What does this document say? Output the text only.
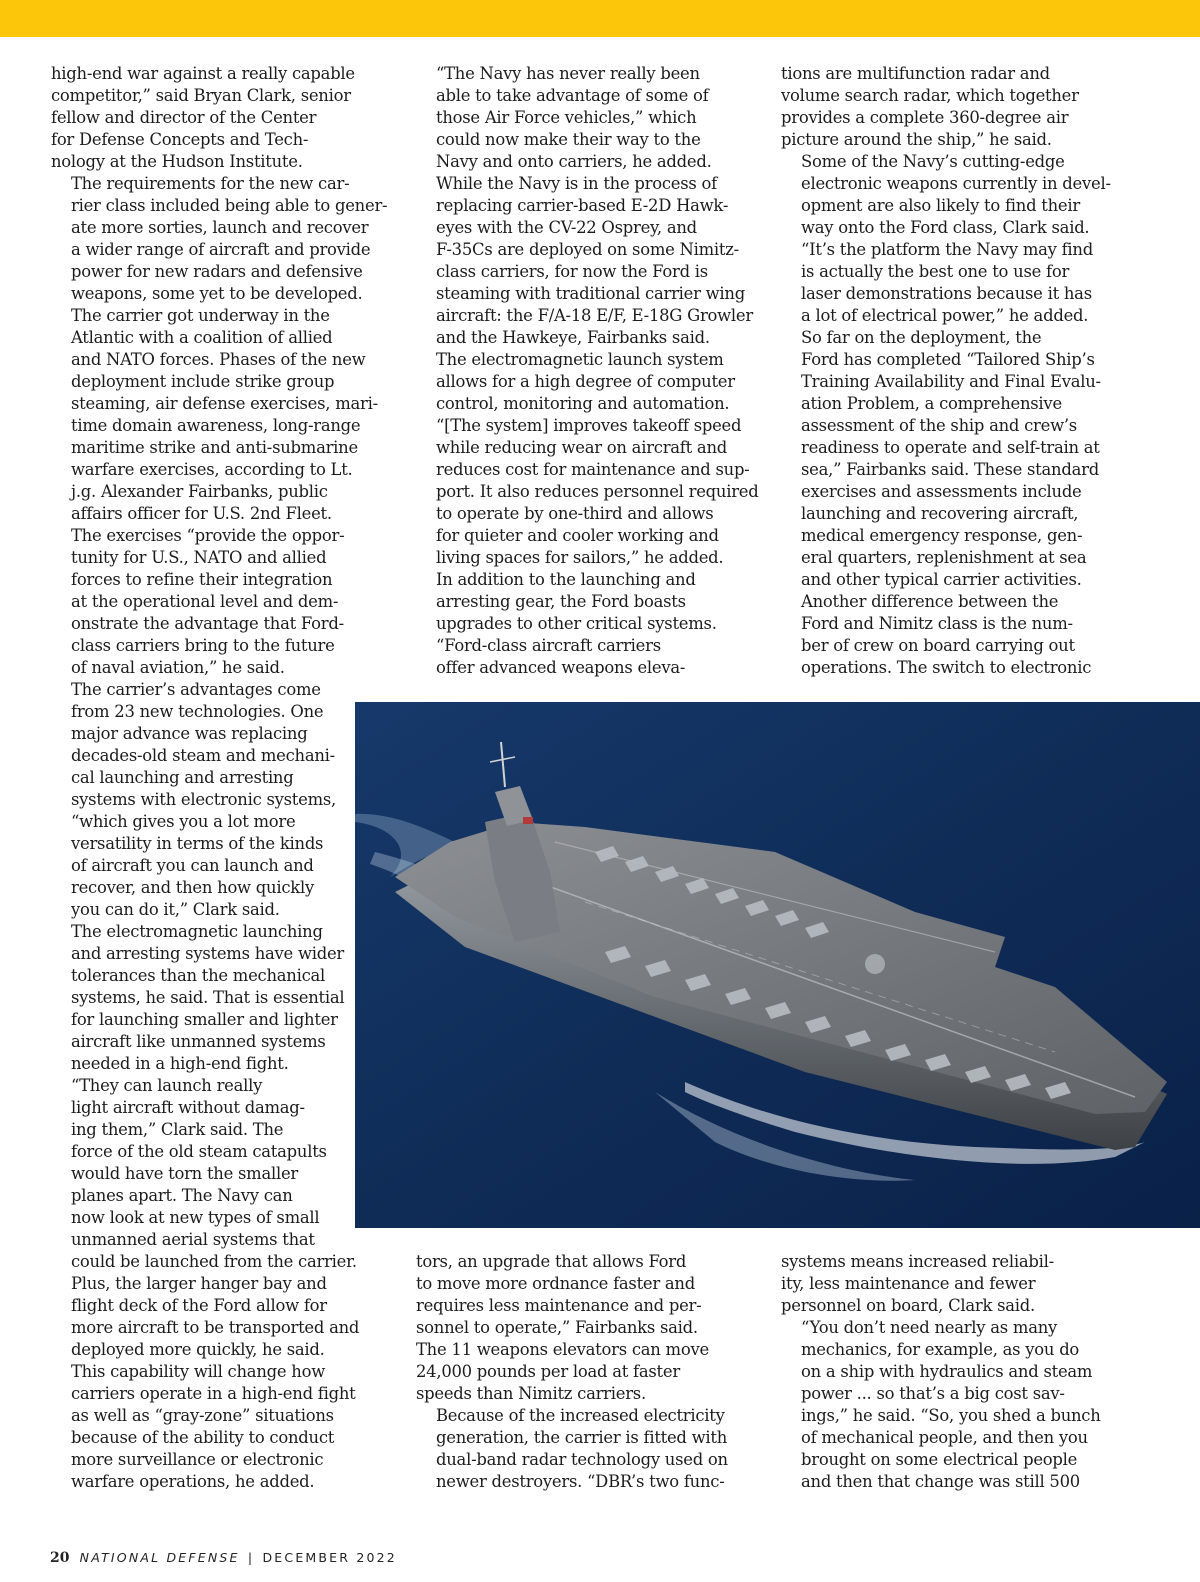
high-end war against a really capable
competitor,” said Bryan Clark, senior
fellow and director of the Center
for Defense Concepts and Tech-
nology at the Hudson Institute.

The requirements for the new car-
rier class included being able to gener-
ate more sorties, launch and recover
a wider range of aircraft and provide
power for new radars and defensive
weapons, some yet to be developed.

The carrier got underway in the
Atlantic with a coalition of allied
and NATO forces. Phases of the new
deployment include strike group
steaming, air defense exercises, mari-
time domain awareness, long-range
maritime strike and anti-submarine
warfare exercises, according to Lt.
j.g. Alexander Fairbanks, public
affairs officer for U.S. 2nd Fleet.

The exercises “provide the oppor-
tunity for U.S., NATO and allied
forces to refine their integration
at the operational level and dem-
onstrate the advantage that Ford-
class carriers bring to the future
of naval aviation,” he said.

The carrier’s advantages come
from 23 new technologies. One
major advance was replacing
decades-old steam and mechani-
cal launching and arresting
systems with electronic systems,
“which gives you a lot more
versatility in terms of the kinds
of aircraft you can launch and
recover, and then how quickly
you can do it,” Clark said.

The electromagnetic launching
and arresting systems have wider
tolerances than the mechanical
systems, he said. That is essential
for launching smaller and lighter
aircraft like unmanned systems
needed in a high-end fight.

“They can launch really
light aircraft without damag-
ing them,” Clark said. The
force of the old steam catapults
would have torn the smaller
planes apart. The Navy can
now look at new types of small
unmanned aerial systems that
could be launched from the carrier.

Plus, the larger hanger bay and
flight deck of the Ford allow for
more aircraft to be transported and
deployed more quickly, he said.

This capability will change how
carriers operate in a high-end fight
as well as “gray-zone” situations
because of the ability to conduct
more surveillance or electronic
warfare operations, he added.

“The Navy has never really been
able to take advantage of some of
those Air Force vehicles,” which
could now make their way to the
Navy and onto carriers, he added.

While the Navy is in the process of
replacing carrier-based E-2D Hawk-
eyes with the CV-22 Osprey, and
F-35Cs are deployed on some Nimitz-
class carriers, for now the Ford is
steaming with traditional carrier wing
aircraft: the F/A-18 E/F, E-18G Growler
and the Hawkeye, Fairbanks said.

The electromagnetic launch system
allows for a high degree of computer
control, monitoring and automation.
“[The system] improves takeoff speed
while reducing wear on aircraft and
reduces cost for maintenance and sup-
port. It also reduces personnel required
to operate by one-third and allows
for quieter and cooler working and
living spaces for sailors,” he added.

In addition to the launching and
arresting gear, the Ford boasts
upgrades to other critical systems.

“Ford-class aircraft carriers
offer advanced weapons eleva-

tions are multifunction radar and
volume search radar, which together
provides a complete 360-degree air
picture around the ship,” he said.

Some of the Navy’s cutting-edge
electronic weapons currently in devel-
opment are also likely to find their
way onto the Ford class, Clark said.
“It’s the platform the Navy may find
is actually the best one to use for
laser demonstrations because it has
a lot of electrical power,” he added.

So far on the deployment, the
Ford has completed “Tailored Ship’s
Training Availability and Final Evalu-
ation Problem, a comprehensive
assessment of the ship and crew’s
readiness to operate and self-train at
sea,” Fairbanks said. These standard
exercises and assessments include
launching and recovering aircraft,
medical emergency response, gen-
eral quarters, replenishment at sea
and other typical carrier activities.

Another difference between the
Ford and Nimitz class is the num-
ber of crew on board carrying out
operations. The switch to electronic

tors, an upgrade that allows Ford
to move more ordnance faster and
requires less maintenance and per-
sonnel to operate,” Fairbanks said.
The 11 weapons elevators can move
24,000 pounds per load at faster
speeds than Nimitz carriers.

Because of the increased electricity
generation, the carrier is fitted with
dual-band radar technology used on
newer destroyers. “DBR’s two func-

systems means increased reliabil-
ity, less maintenance and fewer
personnel on board, Clark said.

“You don’t need nearly as many
mechanics, for example, as you do
on a ship with hydraulics and steam
power ... so that’s a big cost sav-
ings,” he said. “So, you shed a bunch
of mechanical people, and then you
brought on some electrical people
and then that change was still 500

20 NATIONAL DEFENSE | DECEMBER 2022
